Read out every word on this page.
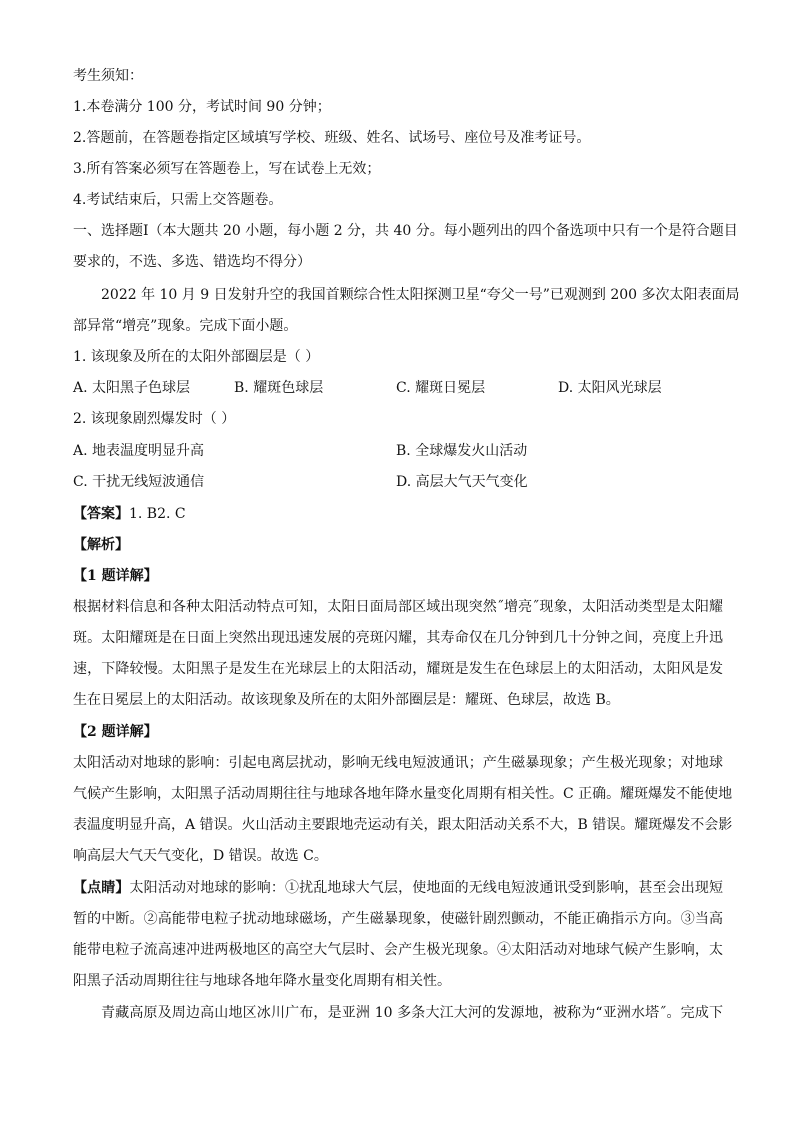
考生须知：
1.本卷满分 100 分，考试时间 90 分钟；
2.答题前，在答题卷指定区域填写学校、班级、姓名、试场号、座位号及准考证号。
3.所有答案必须写在答题卷上，写在试卷上无效；
4.考试结束后，只需上交答题卷。
一、选择题Ⅰ（本大题共 20 小题，每小题 2 分，共 40 分。每小题列出的四个备选项中只有一个是符合题目
要求的，不选、多选、错选均不得分）
2022 年 10 月 9 日发射升空的我国首颗综合性太阳探测卫星“夸父一号”已观测到 200 多次太阳表面局
部异常“增亮”现象。完成下面小题。
1. 该现象及所在的太阳外部圈层是（ ）
A. 太阳黑子色球层	B. 耀斑色球层	C. 耀斑日冕层	D. 太阳风光球层
2. 该现象剧烈爆发时（ ）
A. 地表温度明显升高	B. 全球爆发火山活动
C. 干扰无线短波通信	D. 高层大气天气变化
【答案】1. B2. C
【解析】
【1 题详解】
根据材料信息和各种太阳活动特点可知，太阳日面局部区域出现突然˝增亮˝现象，太阳活动类型是太阳耀
斑。太阳耀斑是在日面上突然出现迅速发展的亮斑闪耀，其寿命仅在几分钟到几十分钟之间，亮度上升迅
速，下降较慢。太阳黑子是发生在光球层上的太阳活动，耀斑是发生在色球层上的太阳活动，太阳风是发
生在日冕层上的太阳活动。故该现象及所在的太阳外部圈层是：耀斑、色球层，故选 B。
【2 题详解】
太阳活动对地球的影响：引起电离层扰动，影响无线电短波通讯；产生磁暴现象；产生极光现象；对地球
气候产生影响，太阳黑子活动周期往往与地球各地年降水量变化周期有相关性。C 正确。耀斑爆发不能使地
表温度明显升高，A 错误。火山活动主要跟地壳运动有关，跟太阳活动关系不大，B 错误。耀斑爆发不会影
响高层大气天气变化，D 错误。故选 C。
【点睛】太阳活动对地球的影响：①扰乱地球大气层，使地面的无线电短波通讯受到影响，甚至会出现短
暂的中断。②高能带电粒子扰动地球磁场，产生磁暴现象，使磁针剧烈颤动，不能正确指示方向。③当高
能带电粒子流高速冲进两极地区的高空大气层时、会产生极光现象。④太阳活动对地球气候产生影响，太
阳黑子活动周期往往与地球各地年降水量变化周期有相关性。
青藏高原及周边高山地区冰川广布，是亚洲 10 多条大江大河的发源地，被称为“亚洲水塔˝。完成下
